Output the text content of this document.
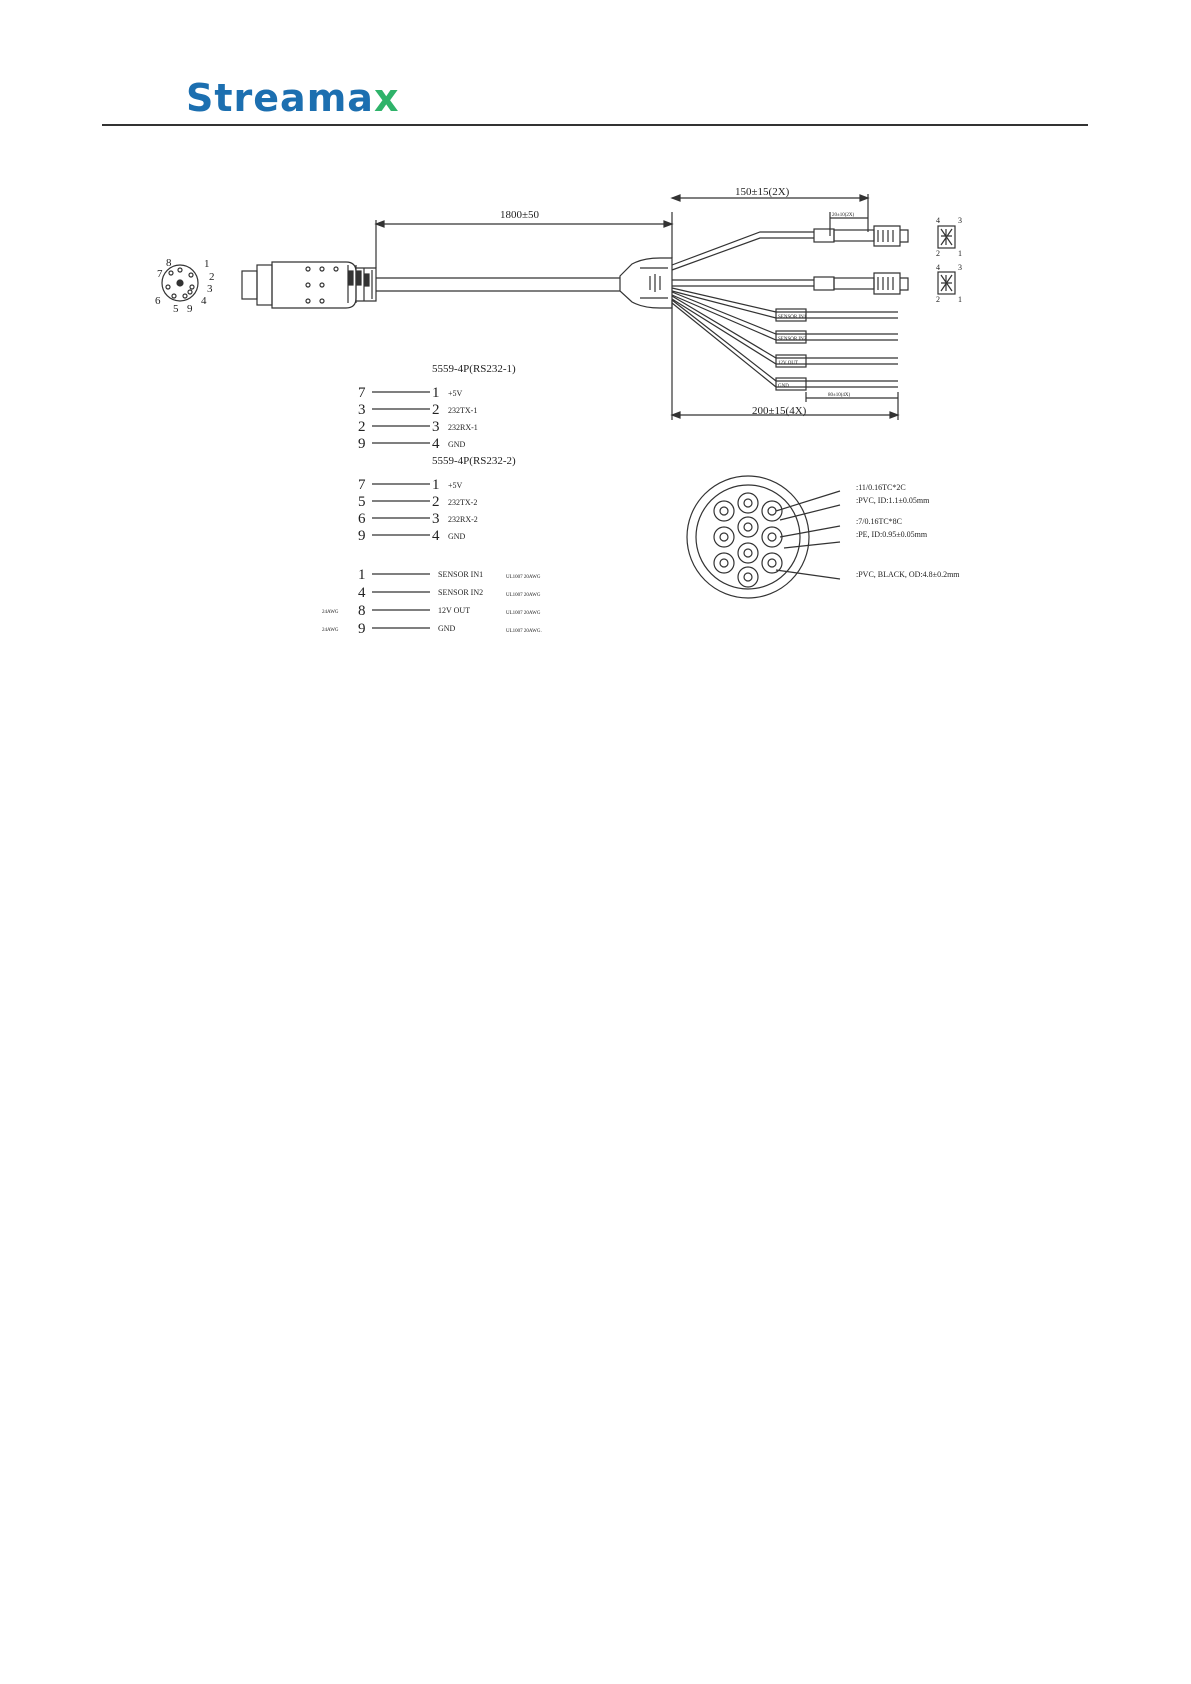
Streamax
7
8	1
2
3
4
6
5 9
4 3
2 1
4 3
2 1
1800±50
150±15(2X)
20±10(2X)
200±15(4X)
80±10(4X)
SENSOR IN1
SENSOR IN2
12V OUT
GND
5559-4P(RS232-1)
7	1 +5V
3	2 232TX-1
2	3 232RX-1
9	4 GND
5559-4P(RS232-2)
7	1 +5V
5	2 232TX-2
6	3 232RX-2
9	4 GND
1	SENSOR IN1	UL1007 20AWG
4	SENSOR IN2	UL1007 20AWG
24AWG 8	12V OUT	UL1007 20AWG
24AWG 9	GND	UL1007 20AWG.
:11/0.16TC*2C
:PVC, ID:1.1±0.05mm
:7/0.16TC*8C
:PE, ID:0.95±0.05mm
:PVC, BLACK, OD:4.8±0.2mm
